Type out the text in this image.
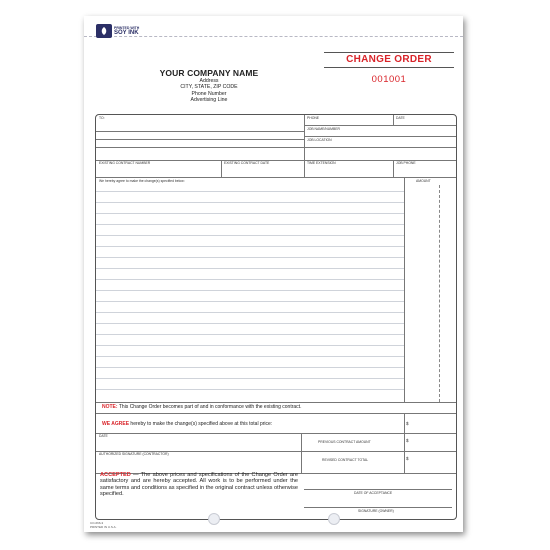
PRINTED WITH
SOY INK
YOUR COMPANY NAME
Address
CITY, STATE, ZIP CODE
Phone Number
Advertising Line
CHANGE ORDER
001001
TO:	PHONE	DATE
JOB NAME/NUMBER
JOB LOCATION
EXISTING CONTRACT NUMBER	EXISTING CONTRACT DATE	TIME EXTENSION	JOB PHONE
We hereby agree to make the change(s) specified below:	AMOUNT
NOTE: This Change Order becomes part of and in conformance with the existing contract.
WE AGREE hereby to make the change(s) specified above at this total price:	$
DATE
PREVIOUS CONTRACT AMOUNT	$
AUTHORIZED SIGNATURE (CONTRACTOR)
REVISED CONTRACT TOTAL	$
ACCEPTED — The above prices and specifications of the Change Order are satisfactory and are hereby accepted. All work is to be performed under the same terms and conditions as specified in the original contract unless otherwise specified.	DATE OF ACCEPTANCE
SIGNATURE (OWNER)
CO-666-3
PRINTED IN U.S.A.
